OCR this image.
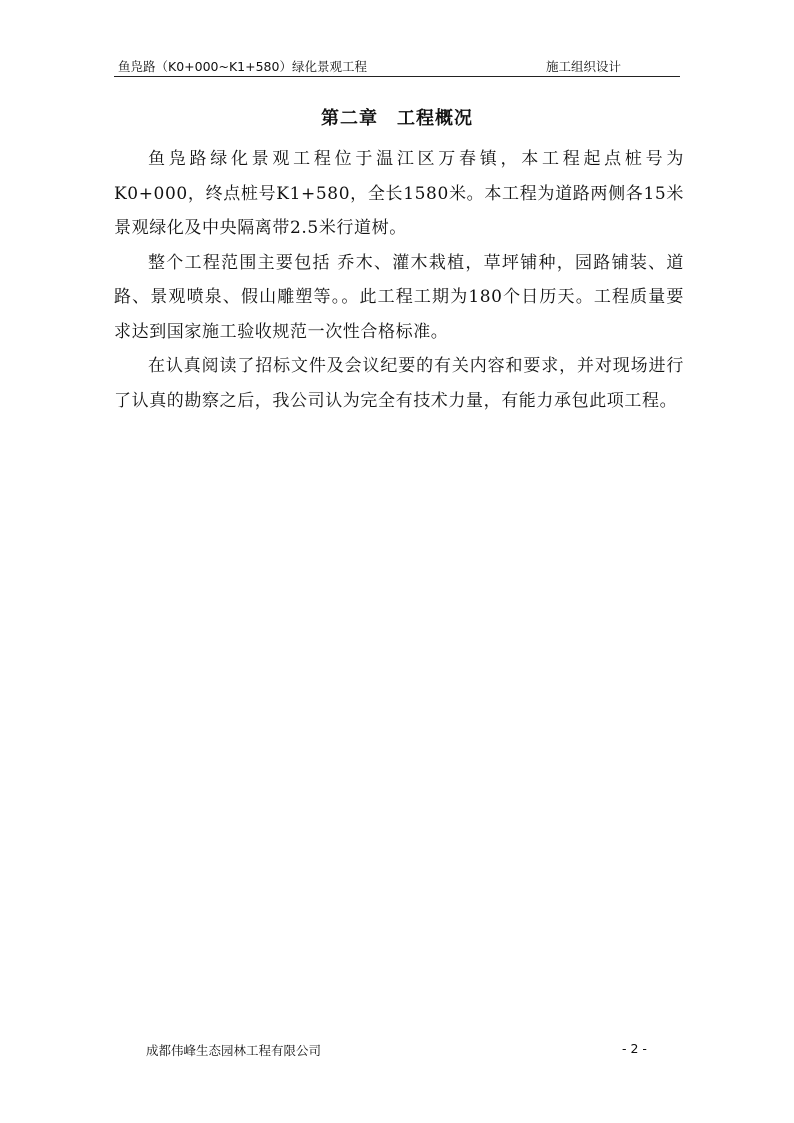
鱼凫路（K0+000~K1+580）绿化景观工程	施工组织设计
第二章　工程概况

鱼凫路绿化景观工程位于温江区万春镇，本工程起点桩号为K0+000，终点桩号K1+580，全长1580米。本工程为道路两侧各15米景观绿化及中央隔离带2.5米行道树。

整个工程范围主要包括 乔木、灌木栽植，草坪铺种，园路铺装、道路、景观喷泉、假山雕塑等。。此工程工期为180个日历天。工程质量要求达到国家施工验收规范一次性合格标准。

在认真阅读了招标文件及会议纪要的有关内容和要求，并对现场进行了认真的勘察之后，我公司认为完全有技术力量，有能力承包此项工程。

成都伟峰生态园林工程有限公司	- 2 -
